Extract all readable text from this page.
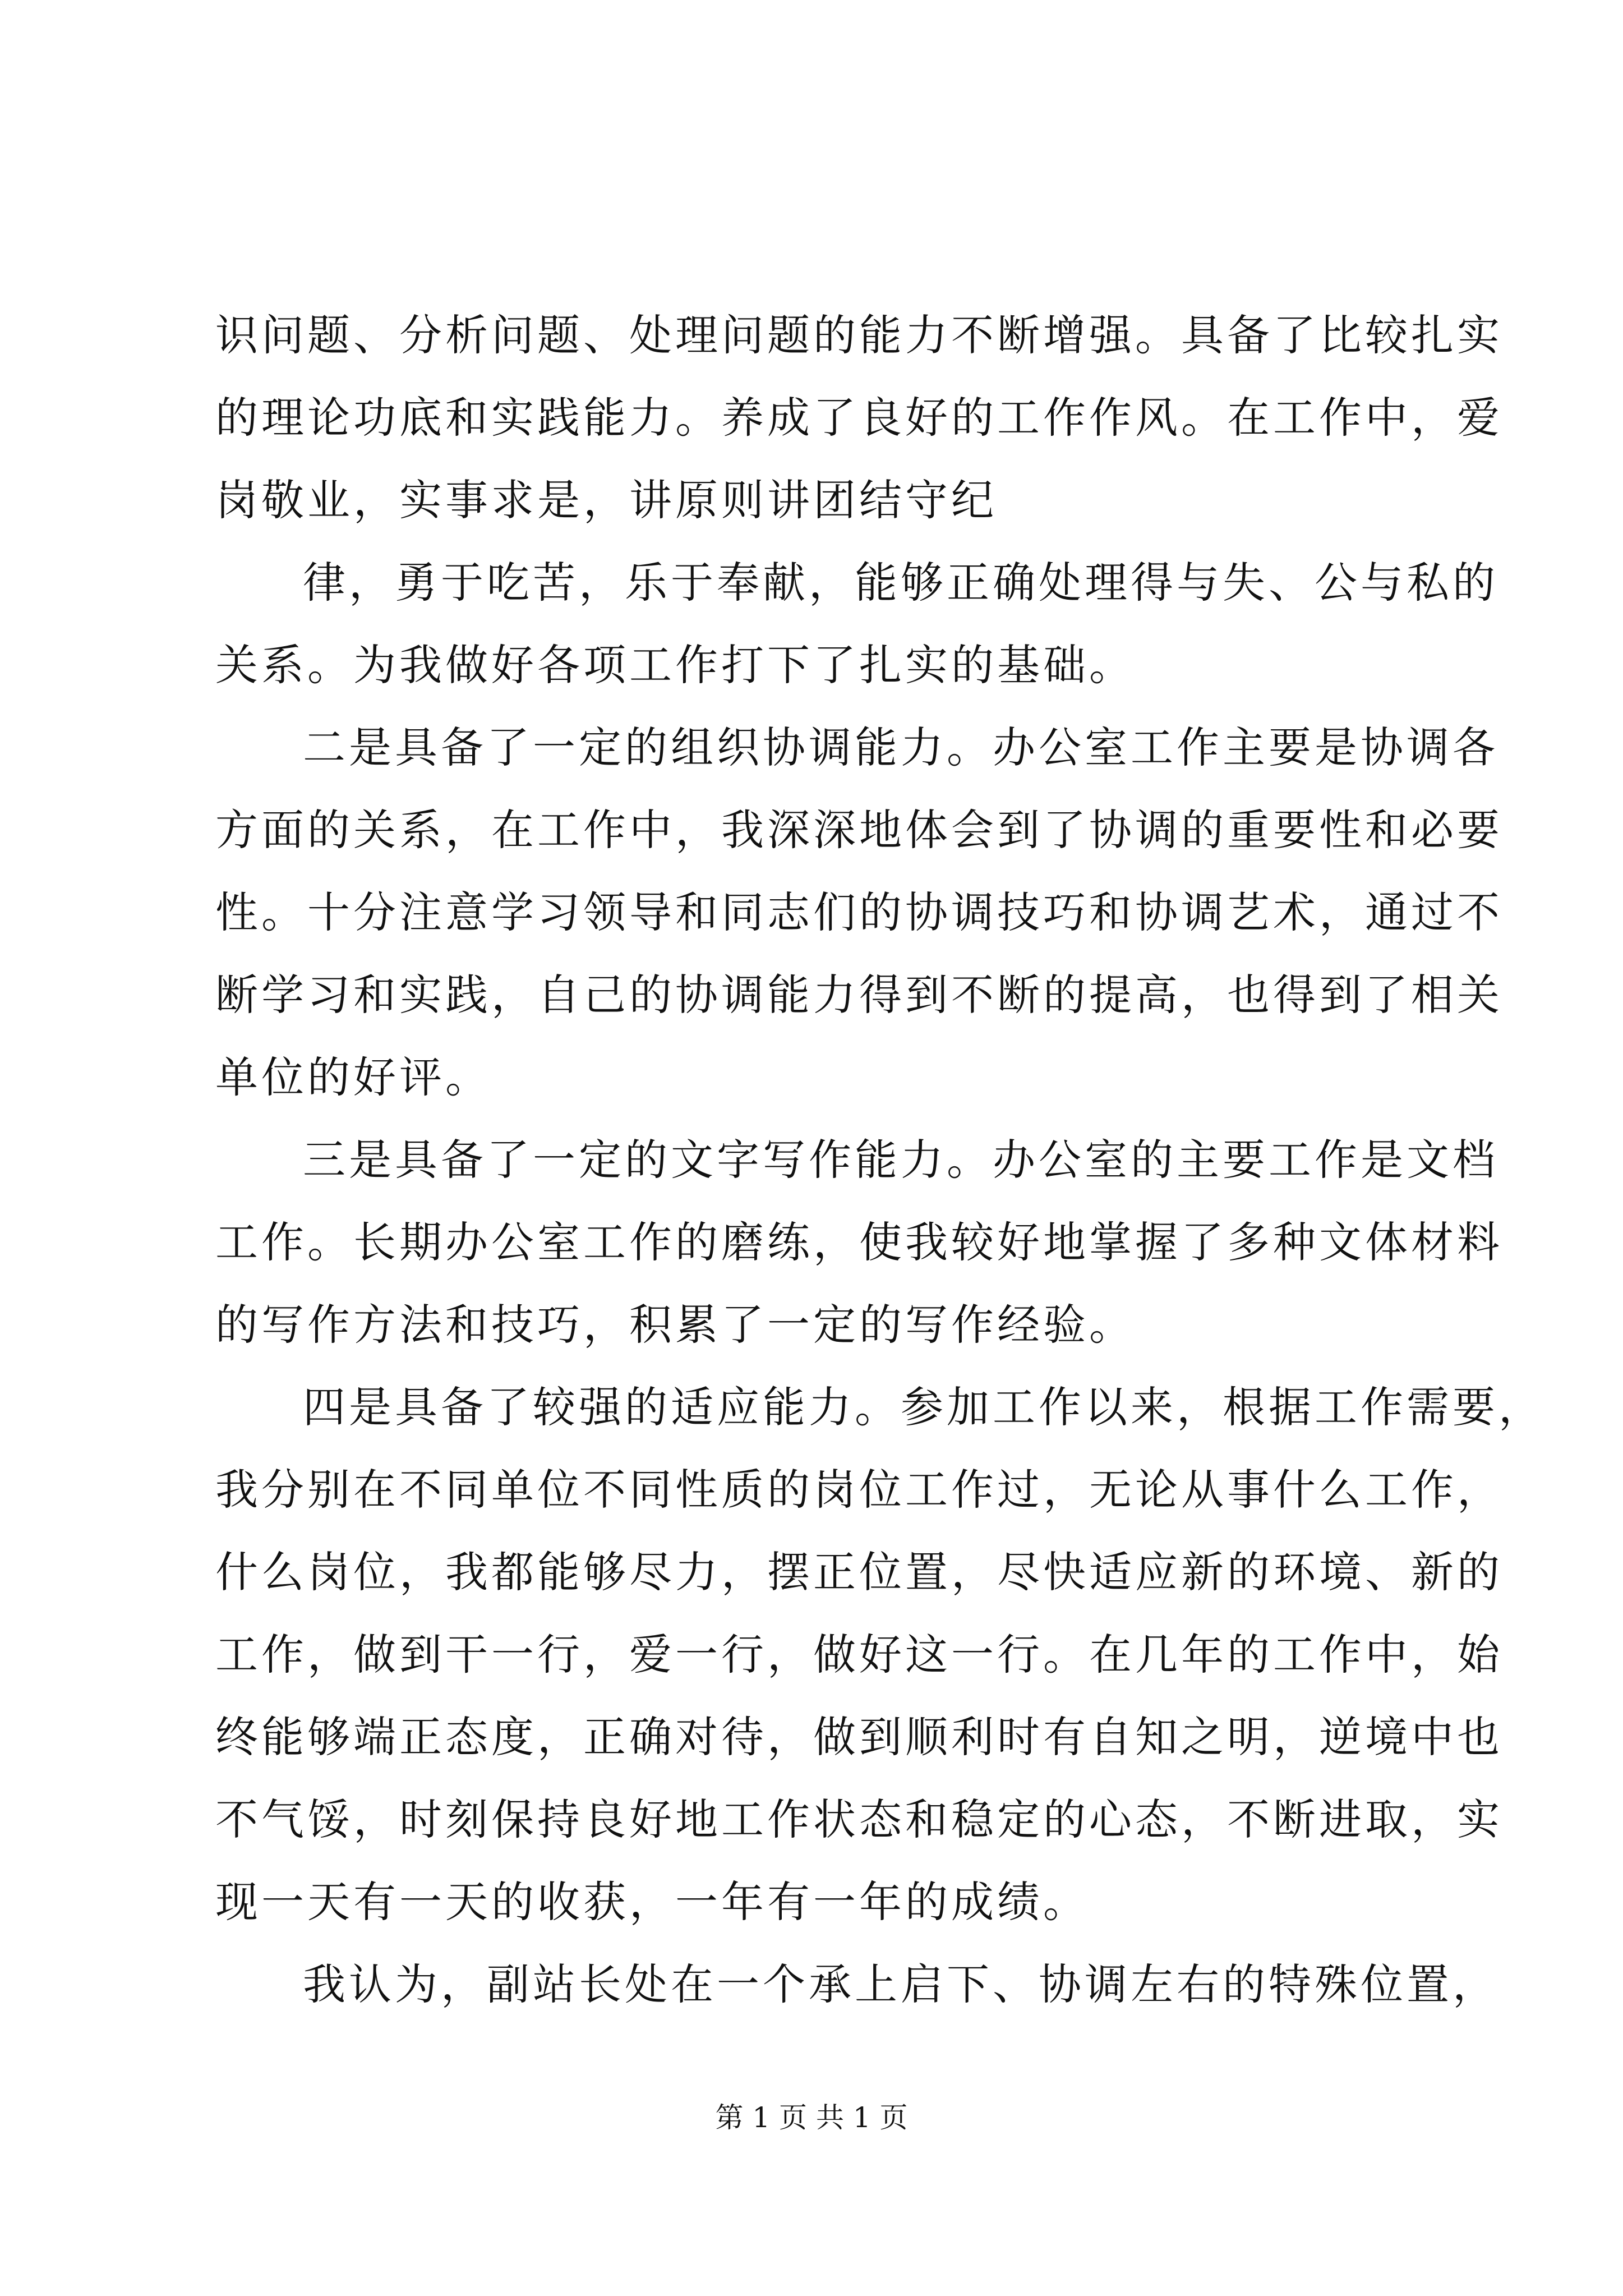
识问题、分析问题、处理问题的能力不断增强。具备了比较扎实
的理论功底和实践能力。养成了良好的工作作风。在工作中，爱
岗敬业，实事求是，讲原则讲团结守纪
律，勇于吃苦，乐于奉献，能够正确处理得与失、公与私的
关系。为我做好各项工作打下了扎实的基础。
二是具备了一定的组织协调能力。办公室工作主要是协调各
方面的关系，在工作中，我深深地体会到了协调的重要性和必要
性。十分注意学习领导和同志们的协调技巧和协调艺术，通过不
断学习和实践，自己的协调能力得到不断的提高，也得到了相关
单位的好评。
三是具备了一定的文字写作能力。办公室的主要工作是文档
工作。长期办公室工作的磨练，使我较好地掌握了多种文体材料
的写作方法和技巧，积累了一定的写作经验。
四是具备了较强的适应能力。参加工作以来，根据工作需要，
我分别在不同单位不同性质的岗位工作过，无论从事什么工作，
什么岗位，我都能够尽力，摆正位置，尽快适应新的环境、新的
工作，做到干一行，爱一行，做好这一行。在几年的工作中，始
终能够端正态度，正确对待，做到顺利时有自知之明，逆境中也
不气馁，时刻保持良好地工作状态和稳定的心态，不断进取，实
现一天有一天的收获，一年有一年的成绩。
我认为，副站长处在一个承上启下、协调左右的特殊位置，
第 1 页 共 1 页
